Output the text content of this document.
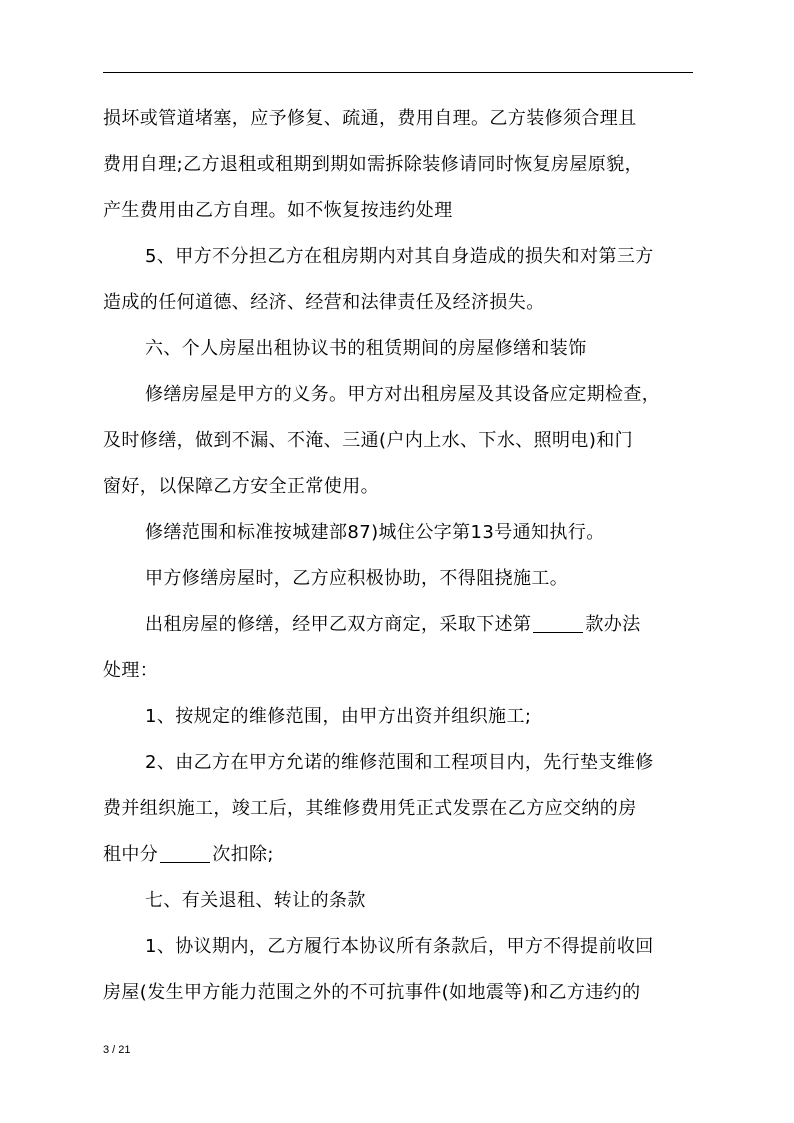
损坏或管道堵塞，应予修复、疏通，费用自理。乙方装修须合理且
费用自理;乙方退租或租期到期如需拆除装修请同时恢复房屋原貌，
产生费用由乙方自理。如不恢复按违约处理
5、甲方不分担乙方在租房期内对其自身造成的损失和对第三方
造成的任何道德、经济、经营和法律责任及经济损失。
六、个人房屋出租协议书的租赁期间的房屋修缮和装饰
修缮房屋是甲方的义务。甲方对出租房屋及其设备应定期检查，
及时修缮，做到不漏、不淹、三通(户内上水、下水、照明电)和门
窗好，以保障乙方安全正常使用。
修缮范围和标准按城建部87)城住公字第13号通知执行。
甲方修缮房屋时，乙方应积极协助，不得阻挠施工。
出租房屋的修缮，经甲乙双方商定，采取下述第	款办法
处理：
1、按规定的维修范围，由甲方出资并组织施工;
2、由乙方在甲方允诺的维修范围和工程项目内，先行垫支维修
费并组织施工，竣工后，其维修费用凭正式发票在乙方应交纳的房
租中分	次扣除;
七、有关退租、转让的条款
1、协议期内，乙方履行本协议所有条款后，甲方不得提前收回
房屋(发生甲方能力范围之外的不可抗事件(如地震等)和乙方违约的
3 / 21
